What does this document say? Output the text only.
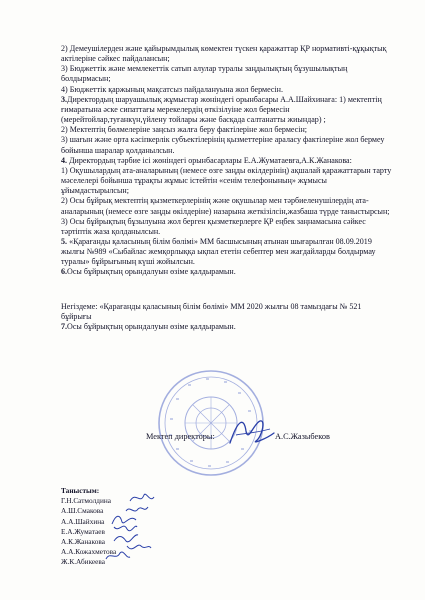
2) Демеушілерден және қайырымдылық көмектен түскен қаражаттар ҚР нормативті-құқықтық актілеріне сәйкес пайдалансын;
3) Бюджеттік және мемлекеттік сатып алулар туралы заңдылықтың бұзушылықтың болдырмасын;
4) Бюджеттік қаржының мақсатсыз пайдалануына жол бермесін.
3.Директордың шаруашылық жұмыстар жөніндегі орынбасары А.А.Шайхинаға: 1) мектептің ғимаратына әске сипаттағы мерекелердің өткізілуіне жол бермесін (мерейтойлар,туғанкүн,үйлену тойлары және басқада салтанатты жиындар) ;
2) Мектептің бөлмелеріне заңсыз жалға беру фактілеріне жол бермесін;
3) шағын және орта кәсіпкерлік субъектілерінің қызметтеріне араласу фактілеріне жол бермеу бойынша шаралар қолданылсын.
4. Директордың тәрбие ісі жөніндегі орынбасарлары Е.А.Жуматаевға,А.К.Жанакова:
1) Оқушылардың ата-аналарының (немесе өзге заңды өкілдерінің) ақшалай қаражаттарын тарту мәселелері бойынша тұрақты жұмыс істейтін «сенім телефонының» жұмысы ұйымдастырылсын;
2) Осы бұйрық мектептің қызметкерлерінің және оқушылар мен тәрбиеленушілердің ата-аналарының (немесе өзге заңды өкілдеріне) назарына жеткізілсін,жазбаша түрде таныстырсын;
3) Осы бұйрықтың бұзылуына жол берген қызметкерлерге ҚР еңбек заңнамасына сәйкес тәртіптік жаза қолданылсын.
5. «Қарағанды қаласының білім бөлімі» ММ басшысының атынан шығарылған 08.09.2019 жылғы №989 «Сыбайлас жемқорлыққа ықпал ететін себептер мен жағдайларды болдырмау туралы» бұйрығының күші жойылсын.
6.Осы бұйрықтың орындалуын өзіме қалдырамын.
Негіздеме: «Қарағанды қаласының білім бөлімі» ММ 2020 жылғы 08 тамыздағы № 521 бұйрығы
7.Осы бұйрықтың орындалуын өзіме қалдырамын.
Мектеп директоры:	А.С.Жазыбеков
Таныстым:
Г.Н.Сатмолдина
А.Ш.Смакова
А.А.Шайхина
Е.А.Жуматаев
А.К.Жанакова
А.А.Кожахметова
Ж.К.Абикеева
